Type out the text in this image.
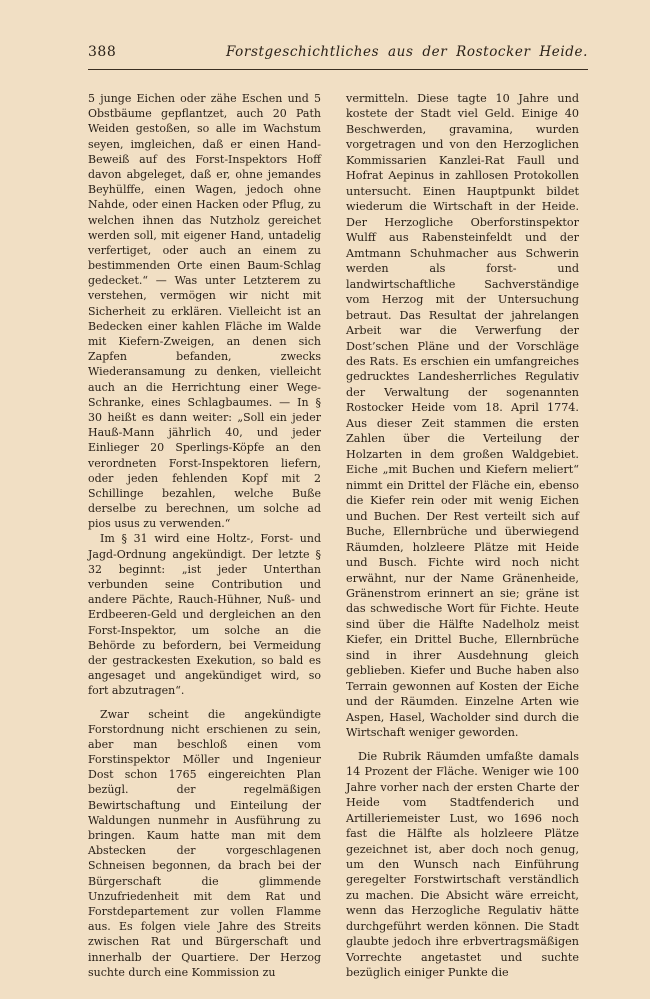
388	Forstgeschichtliches aus der Rostocker Heide.

5 junge Eichen oder zähe Eschen und 5 Obstbäume gepflantzet, auch 20 Path Weiden gestoßen, so alle im Wachstum seyen, imgleichen, daß er einen Hand-Beweiß auf des Forst-Inspektors Hoff davon abgeleget, daß er, ohne jemandes Beyhülffe, einen Wagen, jedoch ohne Nahde, oder einen Hacken oder Pflug, zu welchen ihnen das Nutzholz gereichet werden soll, mit eigener Hand, untadelig verfertiget, oder auch an einem zu bestimmenden Orte einen Baum-Schlag gedecket.“ — Was unter Letzterem zu verstehen, vermögen wir nicht mit Sicherheit zu erklären. Vielleicht ist an Bedecken einer kahlen Fläche im Walde mit Kiefern-Zweigen, an denen sich Zapfen befanden, zwecks Wiederansamung zu denken, vielleicht auch an die Herrichtung einer Wege-Schranke, eines Schlagbaumes. — In § 30 heißt es dann weiter: „Soll ein jeder Hauß-Mann jährlich 40, und jeder Einlieger 20 Sperlings-Köpfe an den verordneten Forst-Inspektoren liefern, oder jeden fehlenden Kopf mit 2 Schillinge bezahlen, welche Buße derselbe zu berechnen, um solche ad pios usus zu verwenden.“

Im § 31 wird eine Holtz-, Forst- und Jagd-Ordnung angekündigt. Der letzte § 32 beginnt: „ist jeder Unterthan verbunden seine Contribution und andere Pächte, Rauch-Hühner, Nuß- und Erdbeeren-Geld und dergleichen an den Forst-Inspektor, um solche an die Behörde zu befordern, bei Vermeidung der gestrackesten Exekution, so bald es angesaget und angekündiget wird, so fort abzutragen“.

Zwar scheint die angekündigte Forstordnung nicht erschienen zu sein, aber man beschloß einen vom Forstinspektor Möller und Ingenieur Dost schon 1765 eingereichten Plan bezügl. der regelmäßigen Bewirtschaftung und Einteilung der Waldungen nunmehr in Ausführung zu bringen. Kaum hatte man mit dem Abstecken der vorgeschlagenen Schneisen begonnen, da brach bei der Bürgerschaft die glimmende Unzufriedenheit mit dem Rat und Forstdepartement zur vollen Flamme aus. Es folgen viele Jahre des Streits zwischen Rat und Bürgerschaft und innerhalb der Quartiere. Der Herzog suchte durch eine Kommission zu

vermitteln. Diese tagte 10 Jahre und kostete der Stadt viel Geld. Einige 40 Beschwerden, gravamina, wurden vorgetragen und von den Herzoglichen Kommissarien Kanzlei-Rat Faull und Hofrat Aepinus in zahllosen Protokollen untersucht. Einen Hauptpunkt bildet wiederum die Wirtschaft in der Heide. Der Herzogliche Oberforstinspektor Wulff aus Rabensteinfeldt und der Amtmann Schuhmacher aus Schwerin werden als forst- und landwirtschaftliche Sachverständige vom Herzog mit der Untersuchung betraut. Das Resultat der jahrelangen Arbeit war die Verwerfung der Dost’schen Pläne und der Vorschläge des Rats. Es erschien ein umfangreiches gedrucktes Landesherrliches Regulativ der Verwaltung der sogenannten Rostocker Heide vom 18. April 1774. Aus dieser Zeit stammen die ersten Zahlen über die Verteilung der Holzarten in dem großen Waldgebiet. Eiche „mit Buchen und Kiefern meliert“ nimmt ein Drittel der Fläche ein, ebenso die Kiefer rein oder mit wenig Eichen und Buchen. Der Rest verteilt sich auf Buche, Ellernbrüche und überwiegend Räumden, holzleere Plätze mit Heide und Busch. Fichte wird noch nicht erwähnt, nur der Name Gränenheide, Gränenstrom erinnert an sie; gräne ist das schwedische Wort für Fichte. Heute sind über die Hälfte Nadelholz meist Kiefer, ein Drittel Buche, Ellernbrüche sind in ihrer Ausdehnung gleich geblieben. Kiefer und Buche haben also Terrain gewonnen auf Kosten der Eiche und der Räumden. Einzelne Arten wie Aspen, Hasel, Wacholder sind durch die Wirtschaft weniger geworden.

Die Rubrik Räumden umfaßte damals 14 Prozent der Fläche. Weniger wie 100 Jahre vorher nach der ersten Charte der Heide vom Stadtfenderich und Artilleriemeister Lust, wo 1696 noch fast die Hälfte als holzleere Plätze gezeichnet ist, aber doch noch genug, um den Wunsch nach Einführung geregelter Forstwirtschaft verständlich zu machen. Die Absicht wäre erreicht, wenn das Herzogliche Regulativ hätte durchgeführt werden können. Die Stadt glaubte jedoch ihre erbvertragsmäßigen Vorrechte angetastet und suchte bezüglich einiger Punkte die
